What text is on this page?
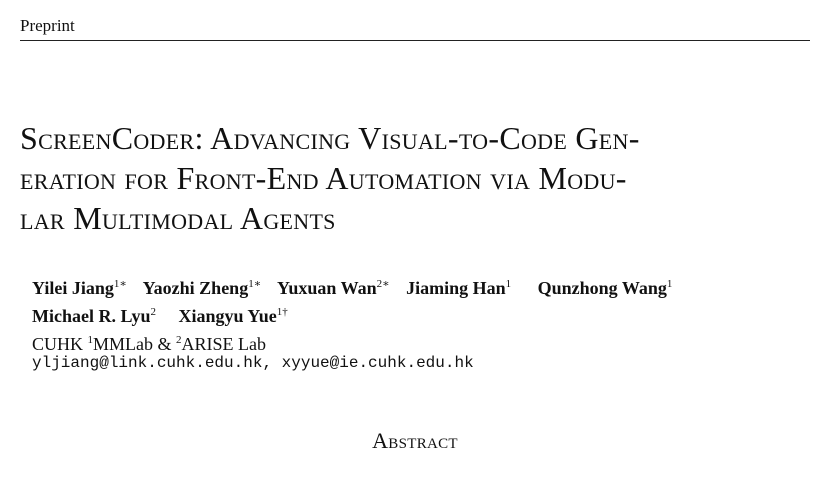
Preprint
ScreenCoder: Advancing Visual-to-Code Gen-
eration for Front-End Automation via Modu-
lar Multimodal Agents
Yilei Jiang$^{1∗}$ Yaozhi Zheng$^{1∗}$ Yuxuan Wan$^{2∗}$ Jiaming Han$^1$ Qunzhong Wang$^1$
Michael R. Lyu$^2$ Xiangyu Yue$^{1\dagger}$
CUHK $^1$MMLab & $^2$ARISE Lab
yljiang@link.cuhk.edu.hk, xyyue@ie.cuhk.edu.hk
Abstract
